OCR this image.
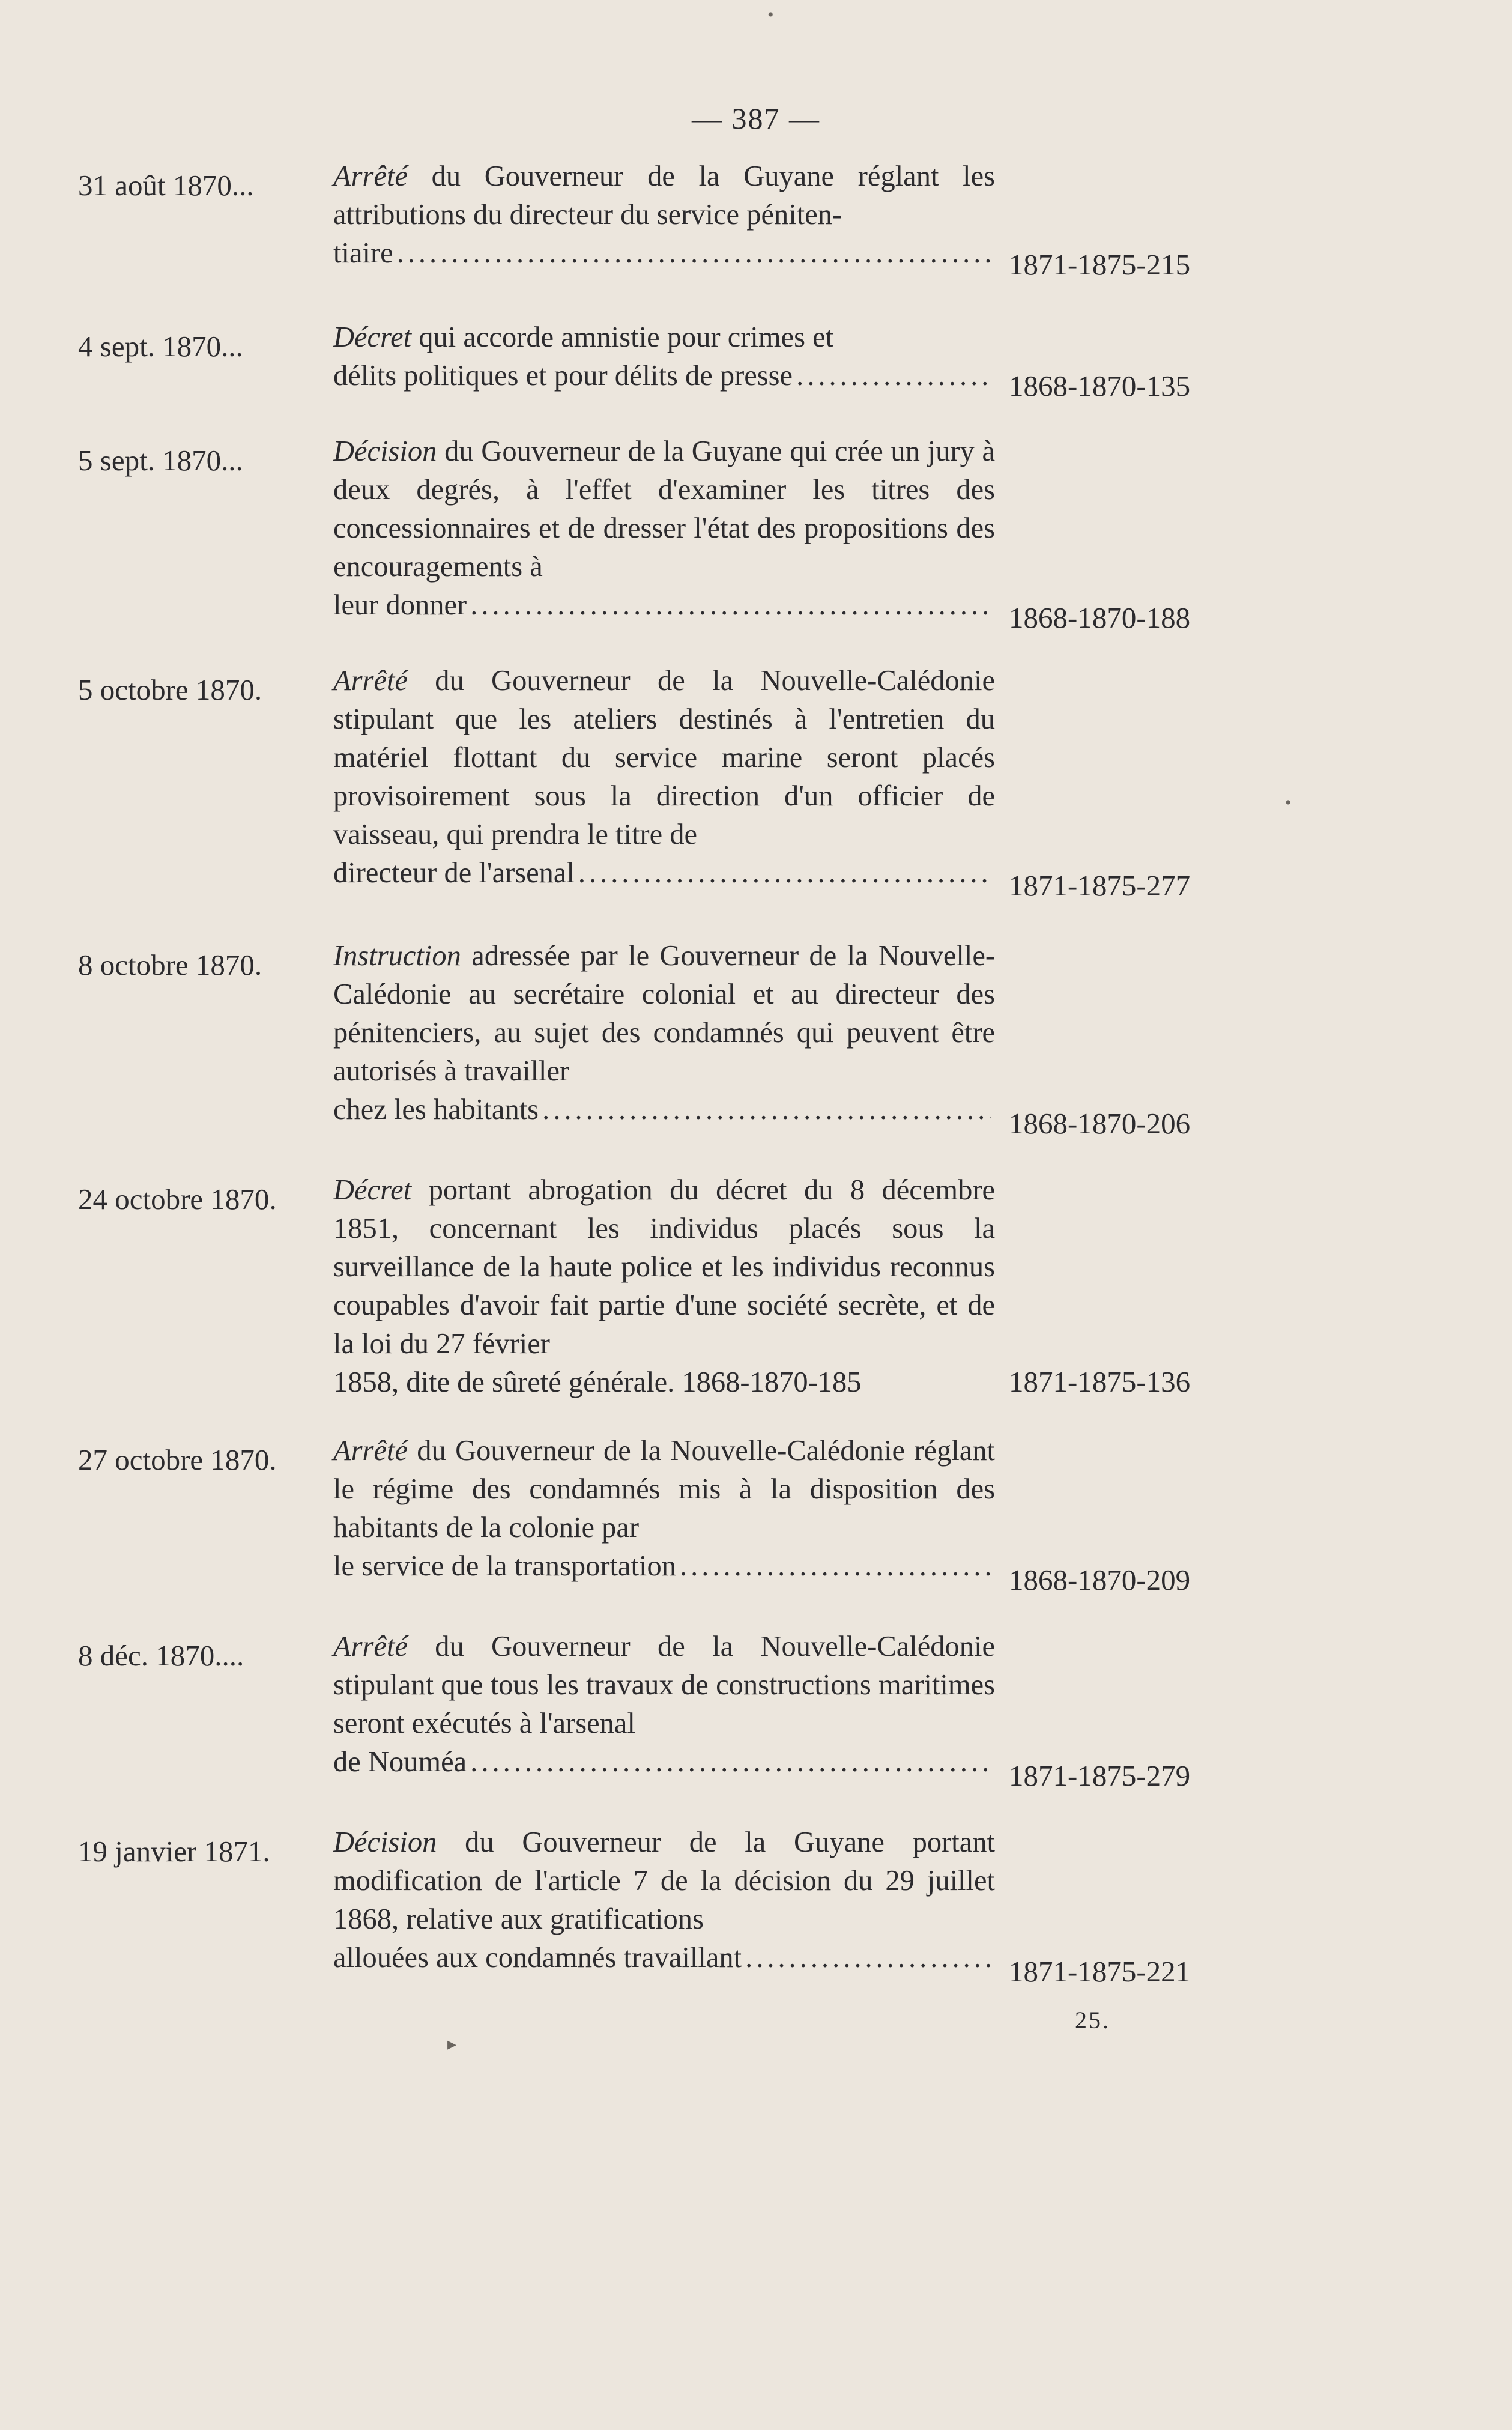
•
— 387 —
31 août 1870...	Arrêté du Gouverneur de la Guyane réglant les attributions du directeur du service péniten-
tiaire .....	1871-1875-215
4 sept. 1870...	Décret qui accorde amnistie pour crimes et
délits politiques et pour délits de presse .....	1868-1870-135
5 sept. 1870...	Décision du Gouverneur de la Guyane qui crée un jury à deux degrés, à l'effet d'examiner les titres des concessionnaires et de dresser l'état des propositions des encouragements à
leur donner .....	1868-1870-188
5 octobre 1870.	Arrêté du Gouverneur de la Nouvelle-Calédonie stipulant que les ateliers destinés à l'entretien du matériel flottant du service marine seront placés provisoirement sous la direction d'un officier de vaisseau, qui prendra le titre de
directeur de l'arsenal .....	1871-1875-277
8 octobre 1870.	Instruction adressée par le Gouverneur de la Nouvelle-Calédonie au secrétaire colonial et au directeur des pénitenciers, au sujet des condamnés qui peuvent être autorisés à travailler
chez les habitants .....	1868-1870-206
24 octobre 1870.	Décret portant abrogation du décret du 8 décembre 1851, concernant les individus placés sous la surveillance de la haute police et les individus reconnus coupables d'avoir fait partie d'une société secrète, et de la loi du 27 février
1858, dite de sûreté générale. 1868-1870-185	1871-1875-136
27 octobre 1870.	Arrêté du Gouverneur de la Nouvelle-Calédonie réglant le régime des condamnés mis à la disposition des habitants de la colonie par
le service de la transportation .....	1868-1870-209
8 déc. 1870....	Arrêté du Gouverneur de la Nouvelle-Calédonie stipulant que tous les travaux de constructions maritimes seront exécutés à l'arsenal
de Nouméa .....	1871-1875-279
19 janvier 1871.	Décision du Gouverneur de la Guyane portant modification de l'article 7 de la décision du 29 juillet 1868, relative aux gratifications
allouées aux condamnés travaillant .....	1871-1875-221
25.
•
▸
